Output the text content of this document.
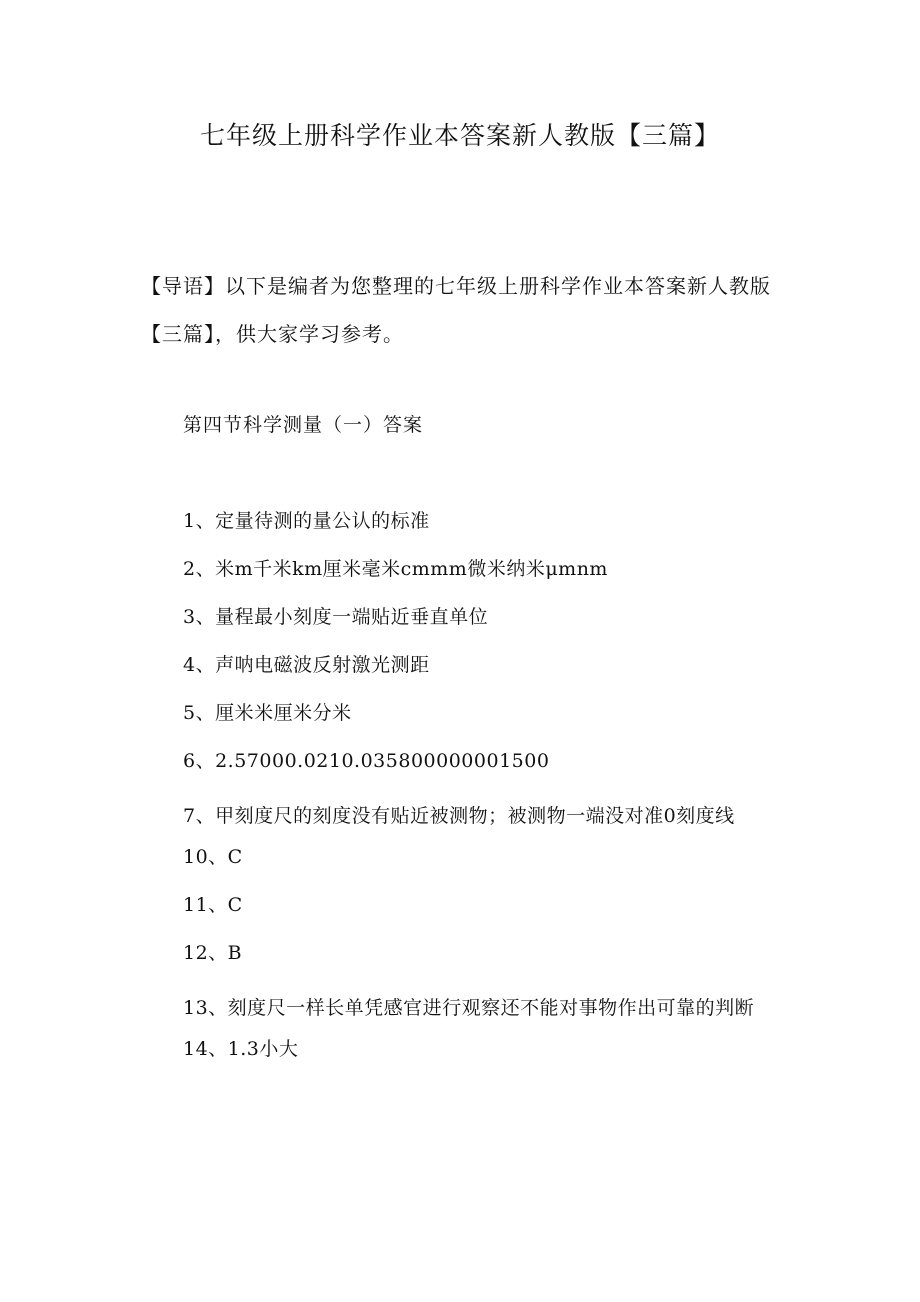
七年级上册科学作业本答案新人教版【三篇】
【导语】以下是编者为您整理的七年级上册科学作业本答案新人教版【三篇】，供大家学习参考。
第四节科学测量（一）答案
1、定量待测的量公认的标准
2、米m千米km厘米毫米cmmm微米纳米μmnm
3、量程最小刻度一端贴近垂直单位
4、声呐电磁波反射激光测距
5、厘米米厘米分米
6、2.57000.0210.035800000001500
7、甲刻度尺的刻度没有贴近被测物；被测物一端没对准0刻度线
10、C
11、C
12、B
13、刻度尺一样长单凭感官进行观察还不能对事物作出可靠的判断
14、1.3小大
